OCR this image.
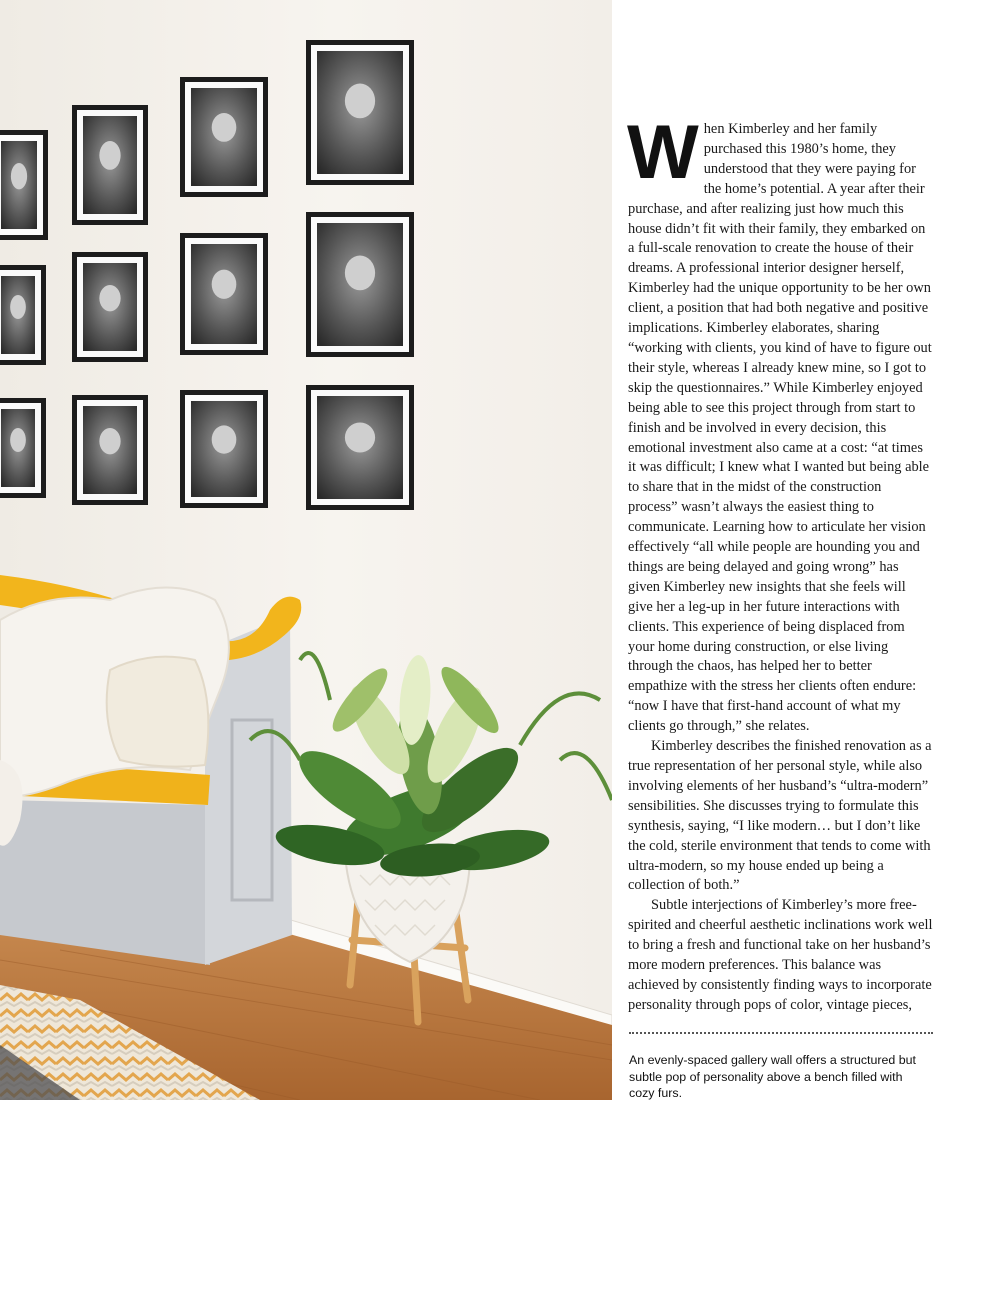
When Kimberley and her family purchased this 1980’s home, they understood that they were paying for the home’s potential. A year after their purchase, and after realizing just how much this house didn’t fit with their family, they embarked on a full-scale renovation to create the house of their dreams. A professional interior designer herself, Kimberley had the unique opportunity to be her own client, a position that had both negative and positive implications. Kimberley elaborates, sharing “working with clients, you kind of have to figure out their style, whereas I already knew mine, so I got to skip the questionnaires.” While Kimberley enjoyed being able to see this project through from start to finish and be involved in every decision, this emotional investment also came at a cost: “at times it was difficult; I knew what I wanted but being able to share that in the midst of the construction process” wasn’t always the easiest thing to communicate. Learning how to articulate her vision effectively “all while people are hounding you and things are being delayed and going wrong” has given Kimberley new insights that she feels will give her a leg-up in her future interactions with clients. This experience of being displaced from your home during construction, or else living through the chaos, has helped her to better empathize with the stress her clients often endure: “now I have that first-hand account of what my clients go through,” she relates.

Kimberley describes the finished renovation as a true representation of her personal style, while also involving elements of her husband’s “ultra-modern” sensibilities. She discusses trying to formulate this synthesis, saying, “I like modern… but I don’t like the cold, sterile environment that tends to come with ultra-modern, so my house ended up being a collection of both.”

Subtle interjections of Kimberley’s more free-spirited and cheerful aesthetic inclinations work well to bring a fresh and functional take on her husband’s more modern preferences. This balance was achieved by consistently finding ways to incorporate personality through pops of color, vintage pieces,

An evenly-spaced gallery wall offers a structured but subtle pop of personality above a bench filled with cozy furs.
